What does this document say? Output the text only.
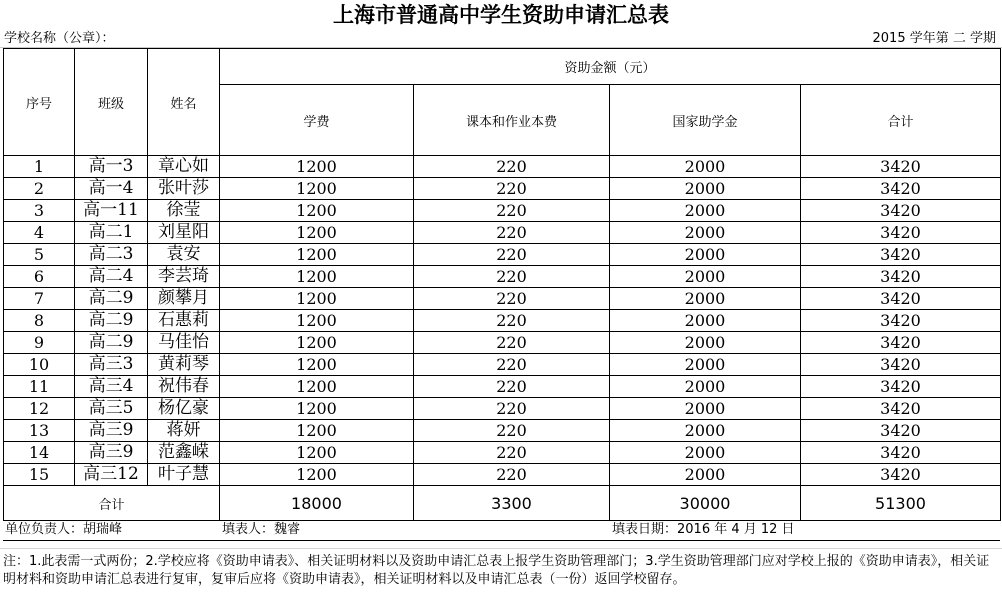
上海市普通高中学生资助申请汇总表
学校名称（公章）：	2015 学年第 二 学期
序号	班级	姓名	资助金额（元）			
			学费	课本和作业本费	国家助学金	合计
1	高一3	章心如	1200	220	2000	3420
2	高一4	张叶莎	1200	220	2000	3420
3	高一11	徐莹	1200	220	2000	3420
4	高二1	刘星阳	1200	220	2000	3420
5	高二3	袁安	1200	220	2000	3420
6	高二4	李芸琦	1200	220	2000	3420
7	高二9	颜攀月	1200	220	2000	3420
8	高二9	石惠莉	1200	220	2000	3420
9	高二9	马佳怡	1200	220	2000	3420
10	高三3	黄莉琴	1200	220	2000	3420
11	高三4	祝伟春	1200	220	2000	3420
12	高三5	杨亿豪	1200	220	2000	3420
13	高三9	蒋妍	1200	220	2000	3420
14	高三9	范鑫嵘	1200	220	2000	3420
15	高三12	叶子慧	1200	220	2000	3420
合计			18000	3300	30000	51300
单位负责人：胡瑞峰	填表人：魏睿	填表日期：2016 年 4 月 12 日
注：1.此表需一式两份；2.学校应将《资助申请表》、相关证明材料以及资助申请汇总表上报学生资助管理部门；3.学生资助管理部门应对学校上报的《资助申请表》，相关证明材料和资助申请汇总表进行复审，复审后应将《资助申请表》，相关证明材料以及申请汇总表（一份）返回学校留存。
